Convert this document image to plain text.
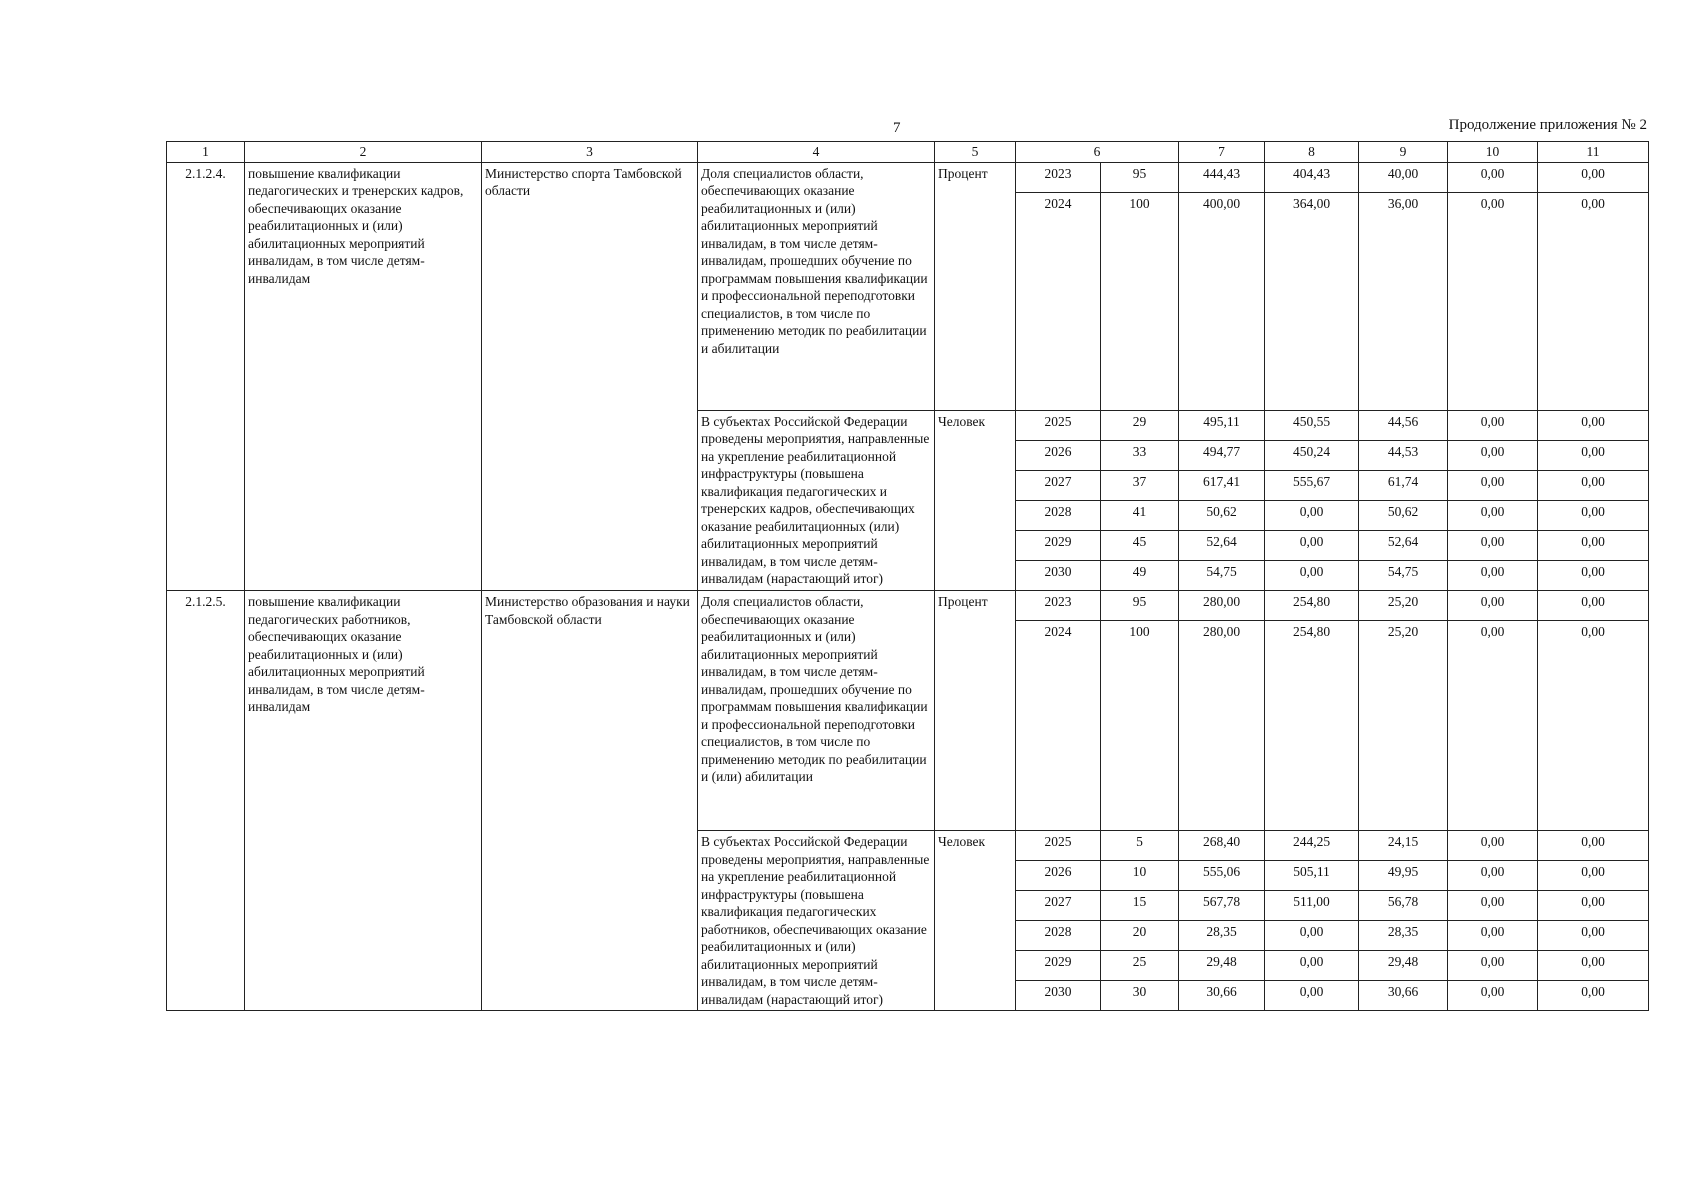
7	Продолжение приложения № 2
1	2	3	4	5	6		7	8	9	10	11
2.1.2.4.	повышение квалификации педагогических и тренерских кадров, обеспечивающих оказание реабилитационных и (или) абилитационных мероприятий инвалидам, в том числе детям-инвалидам	Министерство спорта Тамбовской области	Доля специалистов области, обеспечивающих оказание реабилитационных и (или) абилитационных мероприятий инвалидам, в том числе детям-инвалидам, прошедших обучение по программам повышения квалификации и профессиональной переподготовки специалистов, в том числе по применению методик по реабилитации и абилитации	Процент	2023	95	444,43	404,43	40,00	0,00	0,00
					2024	100	400,00	364,00	36,00	0,00	0,00
			В субъектах Российской Федерации проведены мероприятия, направленные на укрепление реабилитационной инфраструктуры (повышена квалификация педагогических и тренерских кадров, обеспечивающих оказание реабилитационных (или) абилитационных мероприятий инвалидам, в том числе детям-инвалидам (нарастающий итог)	Человек	2025	29	495,11	450,55	44,56	0,00	0,00
					2026	33	494,77	450,24	44,53	0,00	0,00
					2027	37	617,41	555,67	61,74	0,00	0,00
					2028	41	50,62	0,00	50,62	0,00	0,00
					2029	45	52,64	0,00	52,64	0,00	0,00
					2030	49	54,75	0,00	54,75	0,00	0,00
2.1.2.5.	повышение квалификации педагогических работников, обеспечивающих оказание реабилитационных и (или) абилитационных мероприятий инвалидам, в том числе детям-инвалидам	Министерство образования и науки Тамбовской области	Доля специалистов области, обеспечивающих оказание реабилитационных и (или) абилитационных мероприятий инвалидам, в том числе детям-инвалидам, прошедших обучение по программам повышения квалификации и профессиональной переподготовки специалистов, в том числе по применению методик по реабилитации и (или) абилитации	Процент	2023	95	280,00	254,80	25,20	0,00	0,00
					2024	100	280,00	254,80	25,20	0,00	0,00
			В субъектах Российской Федерации проведены мероприятия, направленные на укрепление реабилитационной инфраструктуры (повышена квалификация педагогических работников, обеспечивающих оказание реабилитационных и (или) абилитационных мероприятий инвалидам, в том числе детям-инвалидам (нарастающий итог)	Человек	2025	5	268,40	244,25	24,15	0,00	0,00
					2026	10	555,06	505,11	49,95	0,00	0,00
					2027	15	567,78	511,00	56,78	0,00	0,00
					2028	20	28,35	0,00	28,35	0,00	0,00
					2029	25	29,48	0,00	29,48	0,00	0,00
					2030	30	30,66	0,00	30,66	0,00	0,00
